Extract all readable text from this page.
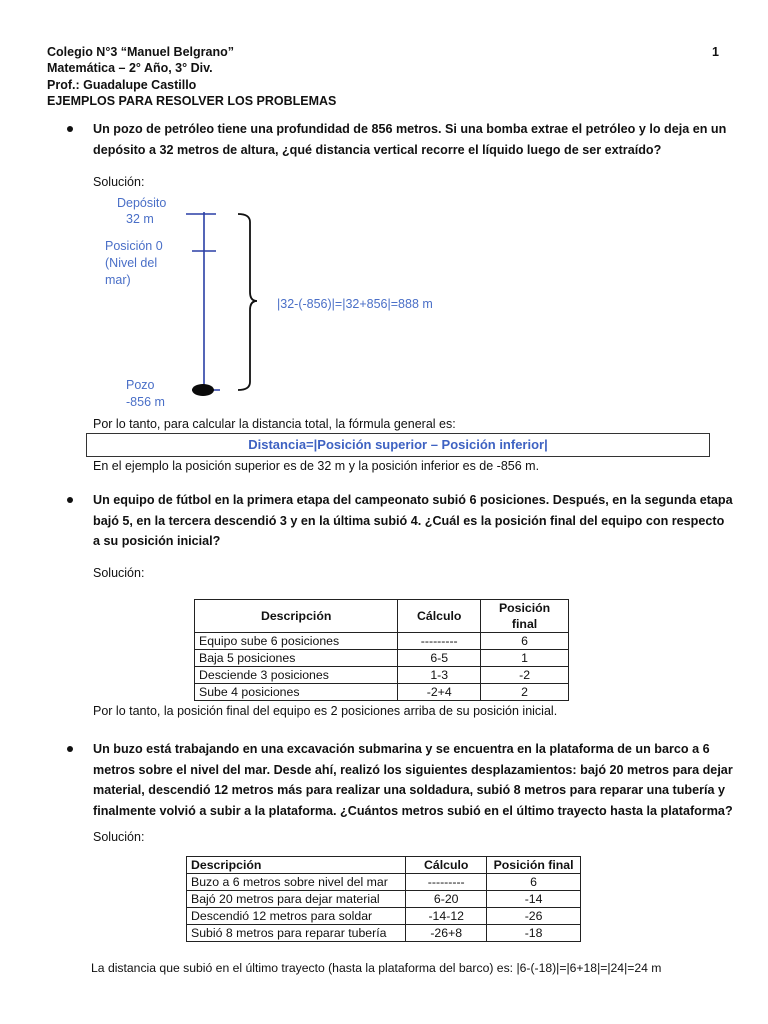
Colegio N°3 “Manuel Belgrano”	1
Matemática – 2° Año, 3° Div.
Prof.: Guadalupe Castillo
EJEMPLOS PARA RESOLVER LOS PROBLEMAS
Un pozo de petróleo tiene una profundidad de 856 metros. Si una bomba extrae el petróleo y lo deja en un depósito a 32 metros de altura, ¿qué distancia vertical recorre el líquido luego de ser extraído?
Solución:
Depósito
32 m
Posición 0
(Nivel del
mar)
Pozo
-856 m
|32-(-856)|=|32+856|=888 m
Por lo tanto, para calcular la distancia total, la fórmula general es:
Distancia=|Posición superior – Posición inferior|
En el ejemplo la posición superior es de 32 m y la posición inferior es de -856 m.
Un equipo de fútbol en la primera etapa del campeonato subió 6 posiciones. Después, en la segunda etapa bajó 5, en la tercera descendió 3 y en la última subió 4. ¿Cuál es la posición final del equipo con respecto a su posición inicial?
Solución:
Descripción	Cálculo	Posición final
Equipo sube 6 posiciones	---------	6
Baja 5 posiciones	6-5	1
Desciende 3 posiciones	1-3	-2
Sube 4 posiciones	-2+4	2
Por lo tanto, la posición final del equipo es 2 posiciones arriba de su posición inicial.
Un buzo está trabajando en una excavación submarina y se encuentra en la plataforma de un barco a 6 metros sobre el nivel del mar. Desde ahí, realizó los siguientes desplazamientos: bajó 20 metros para dejar material, descendió 12 metros más para realizar una soldadura, subió 8 metros para reparar una tubería y finalmente volvió a subir a la plataforma. ¿Cuántos metros subió en el último trayecto hasta la plataforma?
Solución:
Descripción	Cálculo	Posición final
Buzo a 6 metros sobre nivel del mar	---------	6
Bajó 20 metros para dejar material	6-20	-14
Descendió 12 metros para soldar	-14-12	-26
Subió 8 metros para reparar tubería	-26+8	-18
La distancia que subió en el último trayecto (hasta la plataforma del barco) es: |6-(-18)|=|6+18|=|24|=24 m
